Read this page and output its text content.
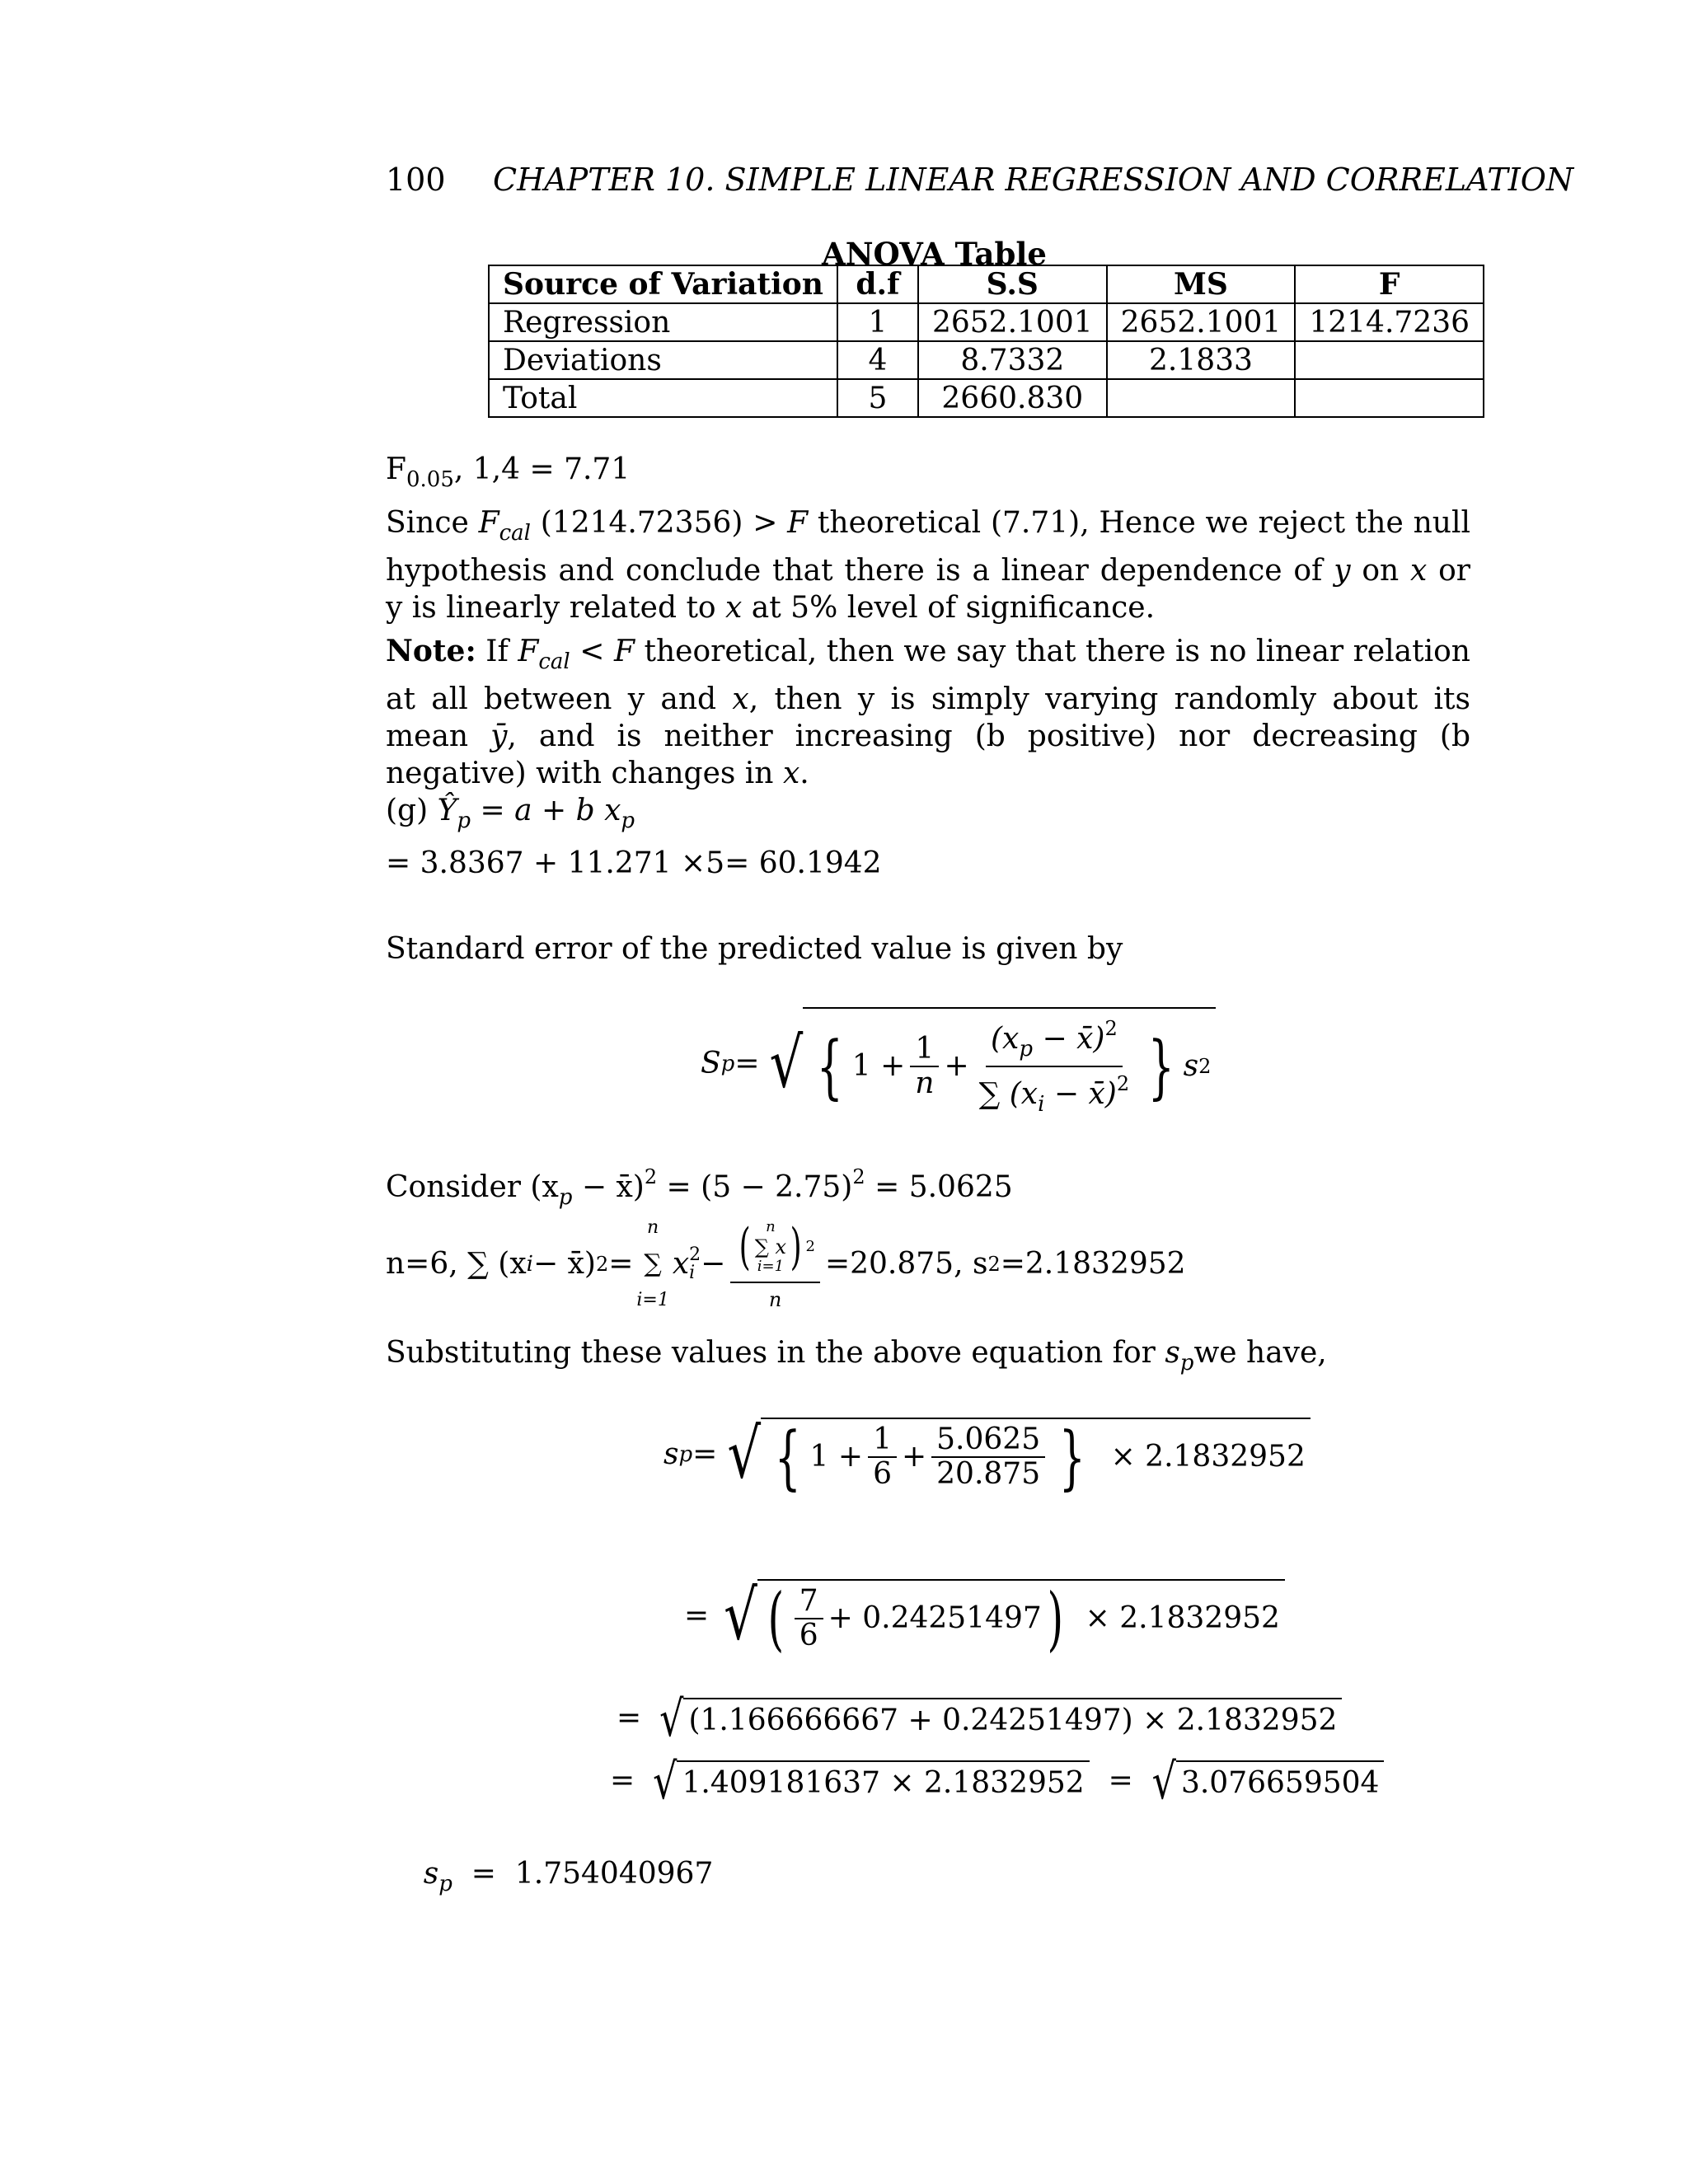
100 CHAPTER 10. SIMPLE LINEAR REGRESSION AND CORRELATION
ANOVA Table
Source of Variation	d.f	S.S	MS	F
Regression	1	2652.1001	2652.1001	1214.7236
Deviations	4	8.7332	2.1833	
Total	5	2660.830		
$F_{0.05}$, 1,4 = 7.71
Since $F_{cal}$ (1214.72356) > F theoretical (7.71), Hence we reject the null hypothesis and conclude that there is a linear dependence of y on x or y is linearly related to x at 5% level of significance.
Note: If $F_{cal} < F$ theoretical, then we say that there is no linear relation at all between y and x, then y is simply varying randomly about its mean ȳ, and is neither increasing (b positive) nor decreasing (b negative) with changes in x.
(g) $Ŷ_p = a + b$ $x_p$
= 3.8367 + 11.271 ×5= 60.1942
Standard error of the predicted value is given by
S p = √ { $1 + \frac{1}{n} + \frac{(x_p - x̄)^2}{\sum (x_i - x̄)^2}$ } s 2
Consider ($x_p$ − x̄)$^2$ = $(5 - 2.75)^2 = 5.0625$
n=6, ∑ (x i − x̄) 2 =
n
∑
i=1
x 2
i − ( n
∑ x
i=1 ) 2
n
=20.875, s 2 =2.1832952
Substituting these values in the above equation for $s_pwe$ have,
s p = √ { $1 + \frac{1}{6} + \frac{5.0625}{20.875}$ } × 2.1832952
= √ ( $\frac{7}{6} + 0.24251497$ ) × 2.1832952
= √ (1.166666667 + 0.24251497) × 2.1832952
= √ 1.409181637 × 2.1832952 = √ 3.076659504

$s_p = 1.754040967$
